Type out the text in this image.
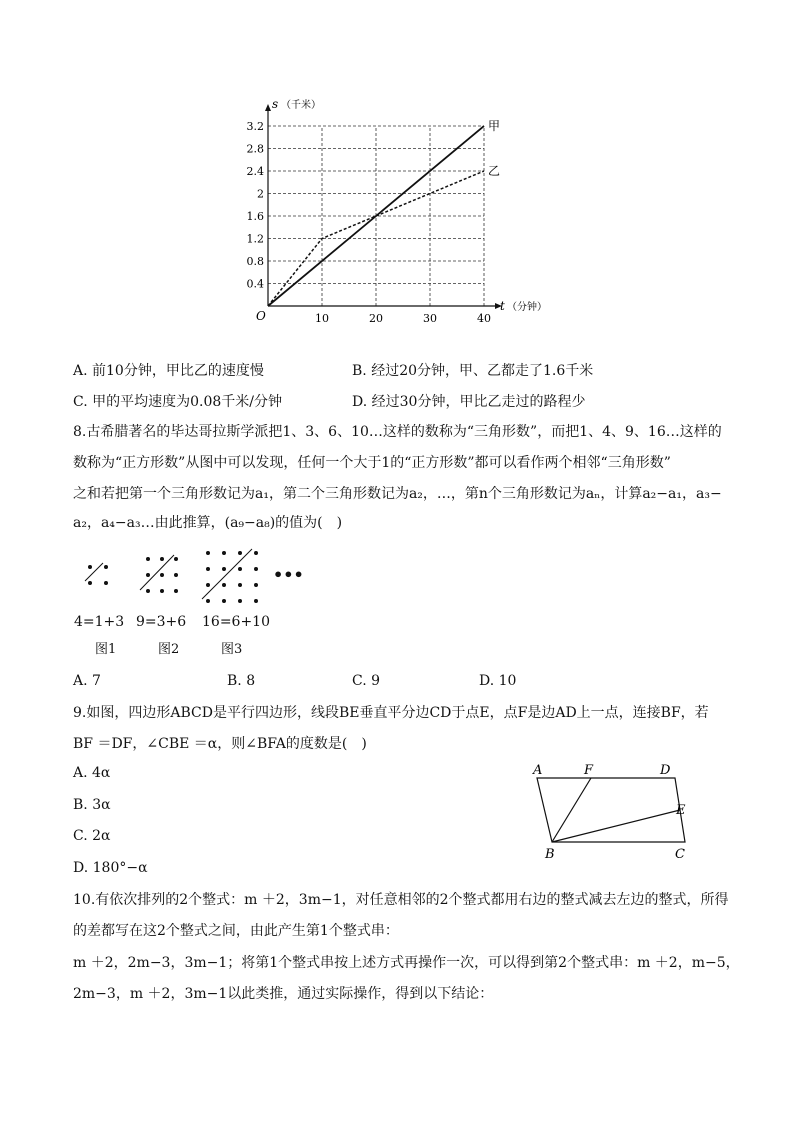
0.4
0.8
1.2
1.6
2
2.4
2.8
3.2
10	20	30	40
甲
乙
O
s （千米）
t （分钟）
A. 前10分钟，甲比乙的速度慢	B. 经过20分钟，甲、乙都走了1.6千米
C. 甲的平均速度为0.08千米/分钟	D. 经过30分钟，甲比乙走过的路程少
8.古希腊著名的毕达哥拉斯学派把1、3、6、10…这样的数称为“三角形数”，而把1、4、9、16…这样的
数称为“正方形数”从图中可以发现，任何一个大于1的“正方形数”都可以看作两个相邻“三角形数”
之和若把第一个三角形数记为a₁，第二个三角形数记为a₂，…，第n个三角形数记为aₙ，计算a₂−a₁，a₃−
a₂，a₄−a₃…由此推算，(a₉−a₈)的值为(　)
•••
4=1+3 9=3+6 16=6+10
图1	图2	图3
A. 7	B. 8	C. 9	D. 10
9.如图，四边形ABCD是平行四边形，线段BE垂直平分边CD于点E，点F是边AD上一点，连接BF，若
BF ＝DF，∠CBE ＝α，则∠BFA的度数是(　)
A. 4α
B. 3α
C. 2α
D. 180°−α
A	F	D
E
B	C
10.有依次排列的2个整式：m ＋2，3m−1，对任意相邻的2个整式都用右边的整式减去左边的整式，所得
的差都写在这2个整式之间，由此产生第1个整式串：
m ＋2，2m−3，3m−1；将第1个整式串按上述方式再操作一次，可以得到第2个整式串：m ＋2，m−5，
2m−3，m ＋2，3m−1以此类推，通过实际操作，得到以下结论：
